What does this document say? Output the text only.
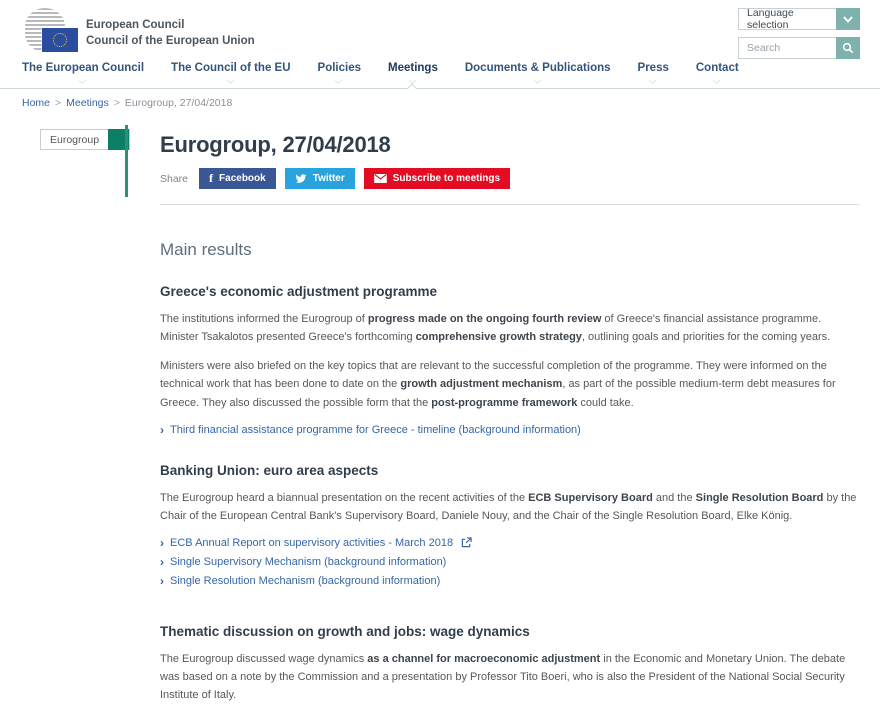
European Council
Council of the European Union
Language selection
Search
The European Council The Council of the EU Policies Meetings Documents & Publications Press Contact
Home > Meetings > Eurogroup, 27/04/2018
Eurogroup	Eurogroup, 27/04/2018
Share f Facebook	Twitter	Subscribe to meetings
Main results
Greece's economic adjustment programme

The institutions informed the Eurogroup of progress made on the ongoing fourth review of Greece's financial assistance programme. Minister Tsakalotos presented Greece's forthcoming comprehensive growth strategy, outlining goals and priorities for the coming years.

Ministers were also briefed on the key topics that are relevant to the successful completion of the programme. They were informed on the technical work that has been done to date on the growth adjustment mechanism, as part of the possible medium-term debt measures for Greece. They also discussed the possible form that the post-programme framework could take.

› Third financial assistance programme for Greece - timeline (background information)
Banking Union: euro area aspects

The Eurogroup heard a biannual presentation on the recent activities of the ECB Supervisory Board and the Single Resolution Board by the Chair of the European Central Bank's Supervisory Board, Daniele Nouy, and the Chair of the Single Resolution Board, Elke König.

› ECB Annual Report on supervisory activities - March 2018
› Single Supervisory Mechanism (background information)
› Single Resolution Mechanism (background information)
Thematic discussion on growth and jobs: wage dynamics

The Eurogroup discussed wage dynamics as a channel for macroeconomic adjustment in the Economic and Monetary Union. The debate was based on a note by the Commission and a presentation by Professor Tito Boeri, who is also the President of the National Social Security Institute of Italy.
